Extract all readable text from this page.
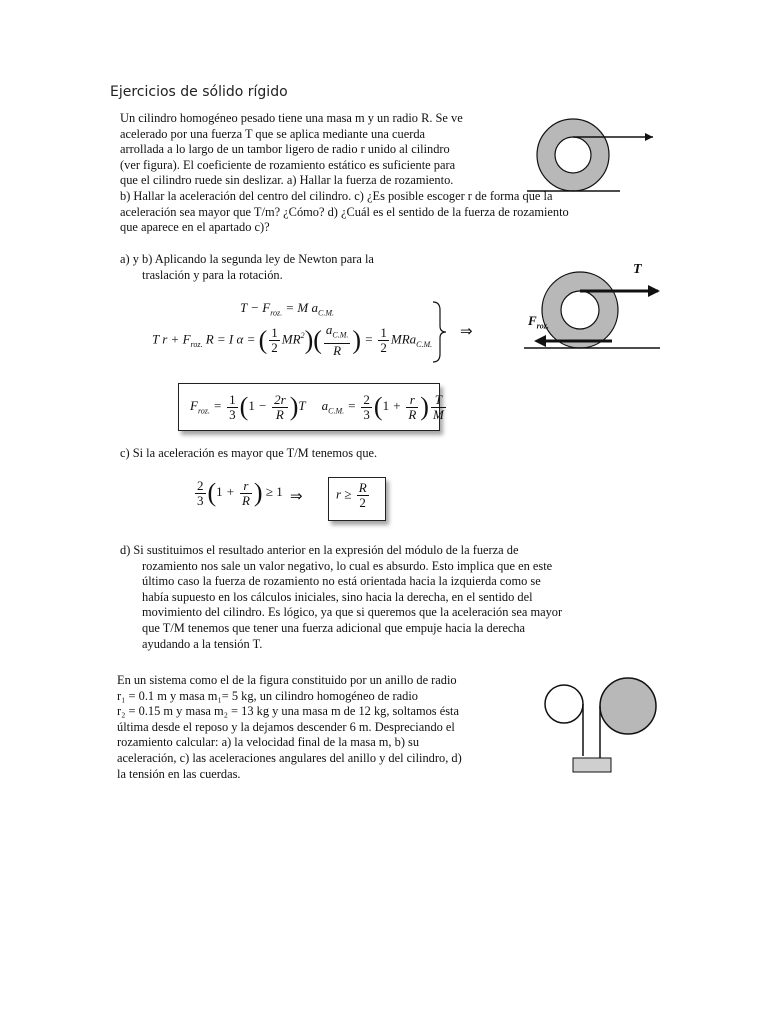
Ejercicios de sólido rígido
Un cilindro homogéneo pesado tiene una masa m y un radio R. Se ve
acelerado por una fuerza T que se aplica mediante una cuerda
arrollada a lo largo de un tambor ligero de radio r unido al cilindro
(ver figura). El coeficiente de rozamiento estático es suficiente para
que el cilindro ruede sin deslizar. a) Hallar la fuerza de rozamiento.
b) Hallar la aceleración del centro del cilindro. c) ¿Es posible escoger r de forma que la
aceleración sea mayor que T/m? ¿Cómo? d) ¿Cuál es el sentido de la fuerza de rozamiento
que aparece en el apartado c)?
a) y b) Aplicando la segunda ley de Newton para la
traslación y para la rotación.
$T - F_{roz.} = M$ $a_{C.M.}$
T $r + F_{roz.}$ R = I α = ( $\frac{1}{2} MR^2)( \frac{a_{C.M.}}{R}$ ) = $\frac{1}{2} MRa_{C.M.}$
⇒
T
$F_{roz.}$
$F_{roz.} = \frac{1}{3} (1 - \frac{2r}{R} )T$     $a_{C.M.} = \frac{2}{3} (1 + \frac{r}{R}$ ) $\frac{T}{M}$
c) Si la aceleración es mayor que T/M tenemos que.
$\frac{2}{3} (1 + \frac{r}{R}$ ) ≥ 1 ⇒	$r \ge \frac{R}{2}$
d) Si sustituimos el resultado anterior en la expresión del módulo de la fuerza de
rozamiento nos sale un valor negativo, lo cual es absurdo. Esto implica que en este
último caso la fuerza de rozamiento no está orientada hacia la izquierda como se
había supuesto en los cálculos iniciales, sino hacia la derecha, en el sentido del
movimiento del cilindro. Es lógico, ya que si queremos que la aceleración sea mayor
que T/M tenemos que tener una fuerza adicional que empuje hacia la derecha
ayudando a la tensión T.
En un sistema como el de la figura constituido por un anillo de radio
r₁ = 0.1 m y masa m₁= 5 kg, un cilindro homogéneo de radio
r₂ = 0.15 m y masa m₂ = 13 kg y una masa m de 12 kg, soltamos ésta
última desde el reposo y la dejamos descender 6 m. Despreciando el
rozamiento calcular: a) la velocidad final de la masa m, b) su
aceleración, c) las aceleraciones angulares del anillo y del cilindro, d)
la tensión en las cuerdas.
